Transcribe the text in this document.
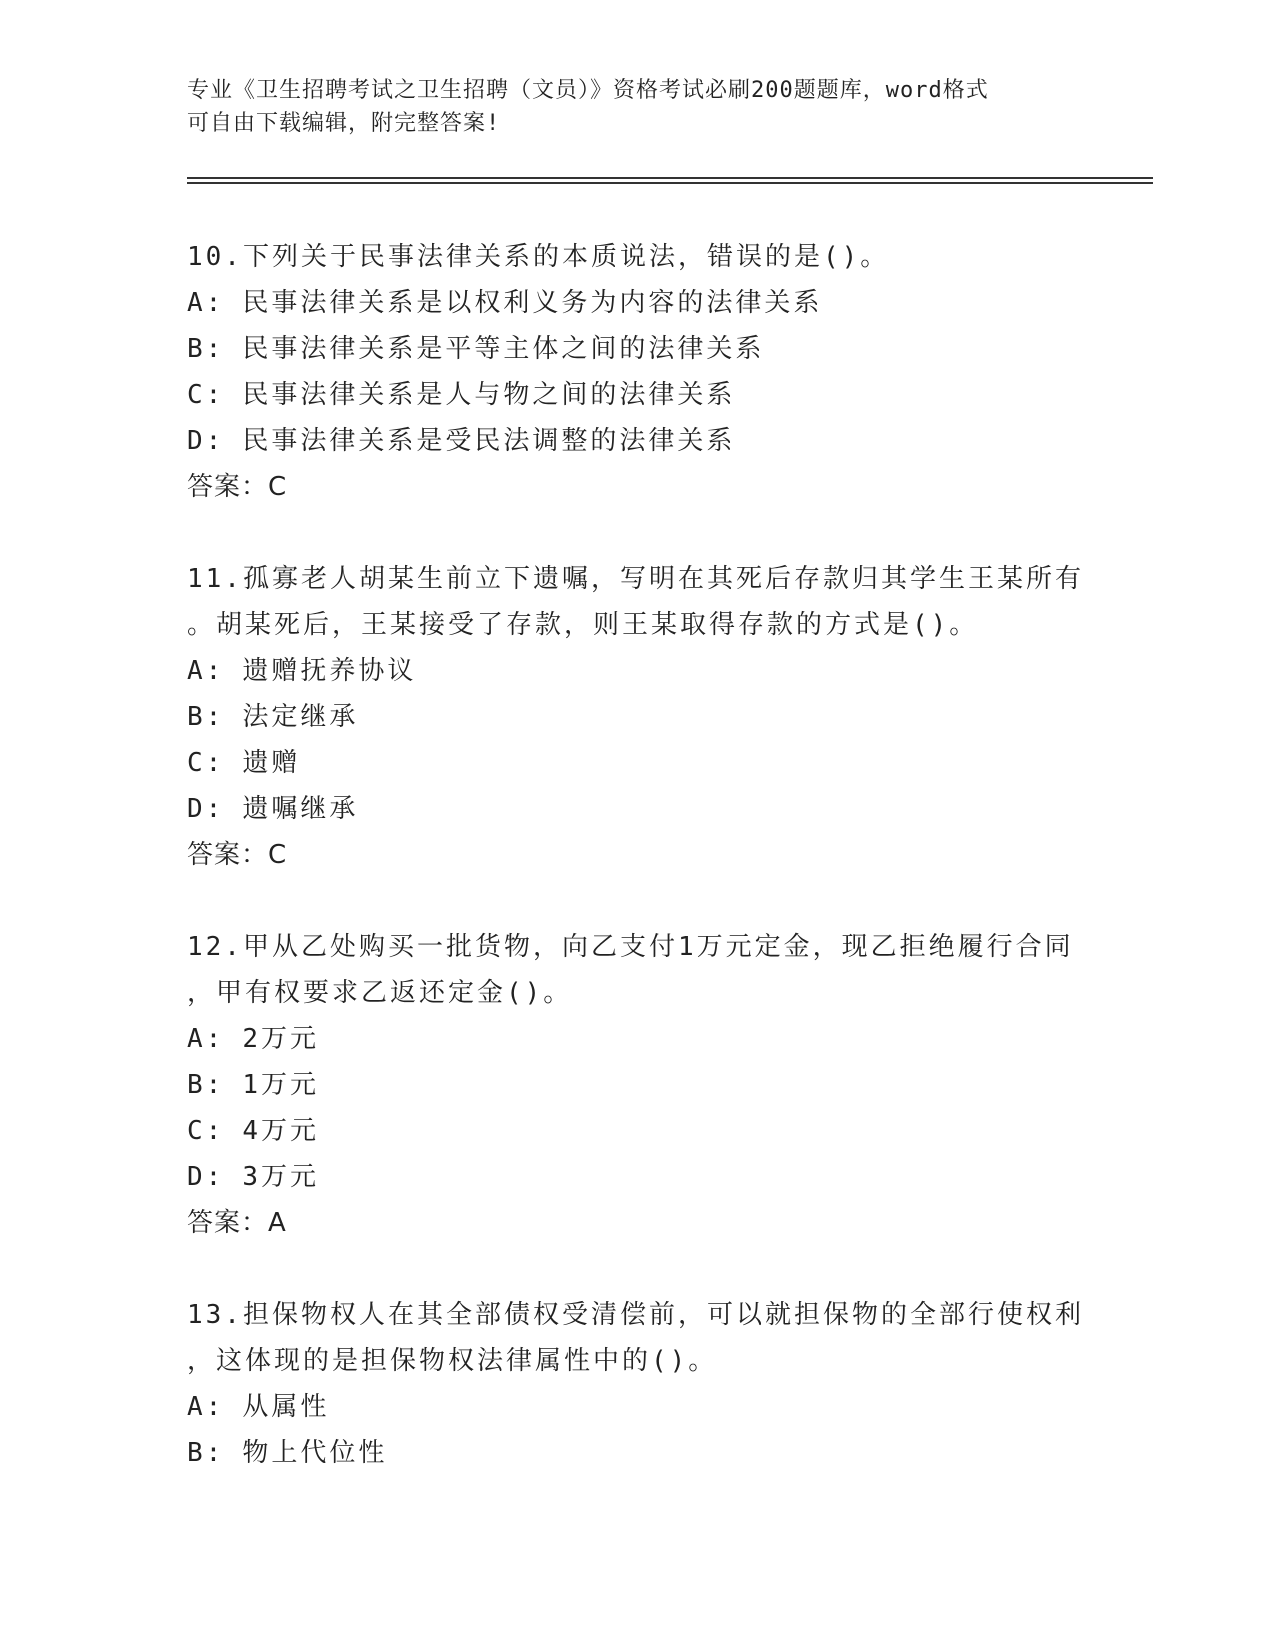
专业《卫生招聘考试之卫生招聘（文员）》资格考试必刷200题题库，word格式
可自由下载编辑，附完整答案!
10.下列关于民事法律关系的本质说法，错误的是()。
A: 民事法律关系是以权利义务为内容的法律关系
B: 民事法律关系是平等主体之间的法律关系
C: 民事法律关系是人与物之间的法律关系
D: 民事法律关系是受民法调整的法律关系
答案：C
11.孤寡老人胡某生前立下遗嘱，写明在其死后存款归其学生王某所有
。胡某死后，王某接受了存款，则王某取得存款的方式是()。
A: 遗赠抚养协议
B: 法定继承
C: 遗赠
D: 遗嘱继承
答案：C
12.甲从乙处购买一批货物，向乙支付1万元定金，现乙拒绝履行合同
，甲有权要求乙返还定金()。
A: 2万元
B: 1万元
C: 4万元
D: 3万元
答案：A
13.担保物权人在其全部债权受清偿前，可以就担保物的全部行使权利
，这体现的是担保物权法律属性中的()。
A: 从属性
B: 物上代位性
